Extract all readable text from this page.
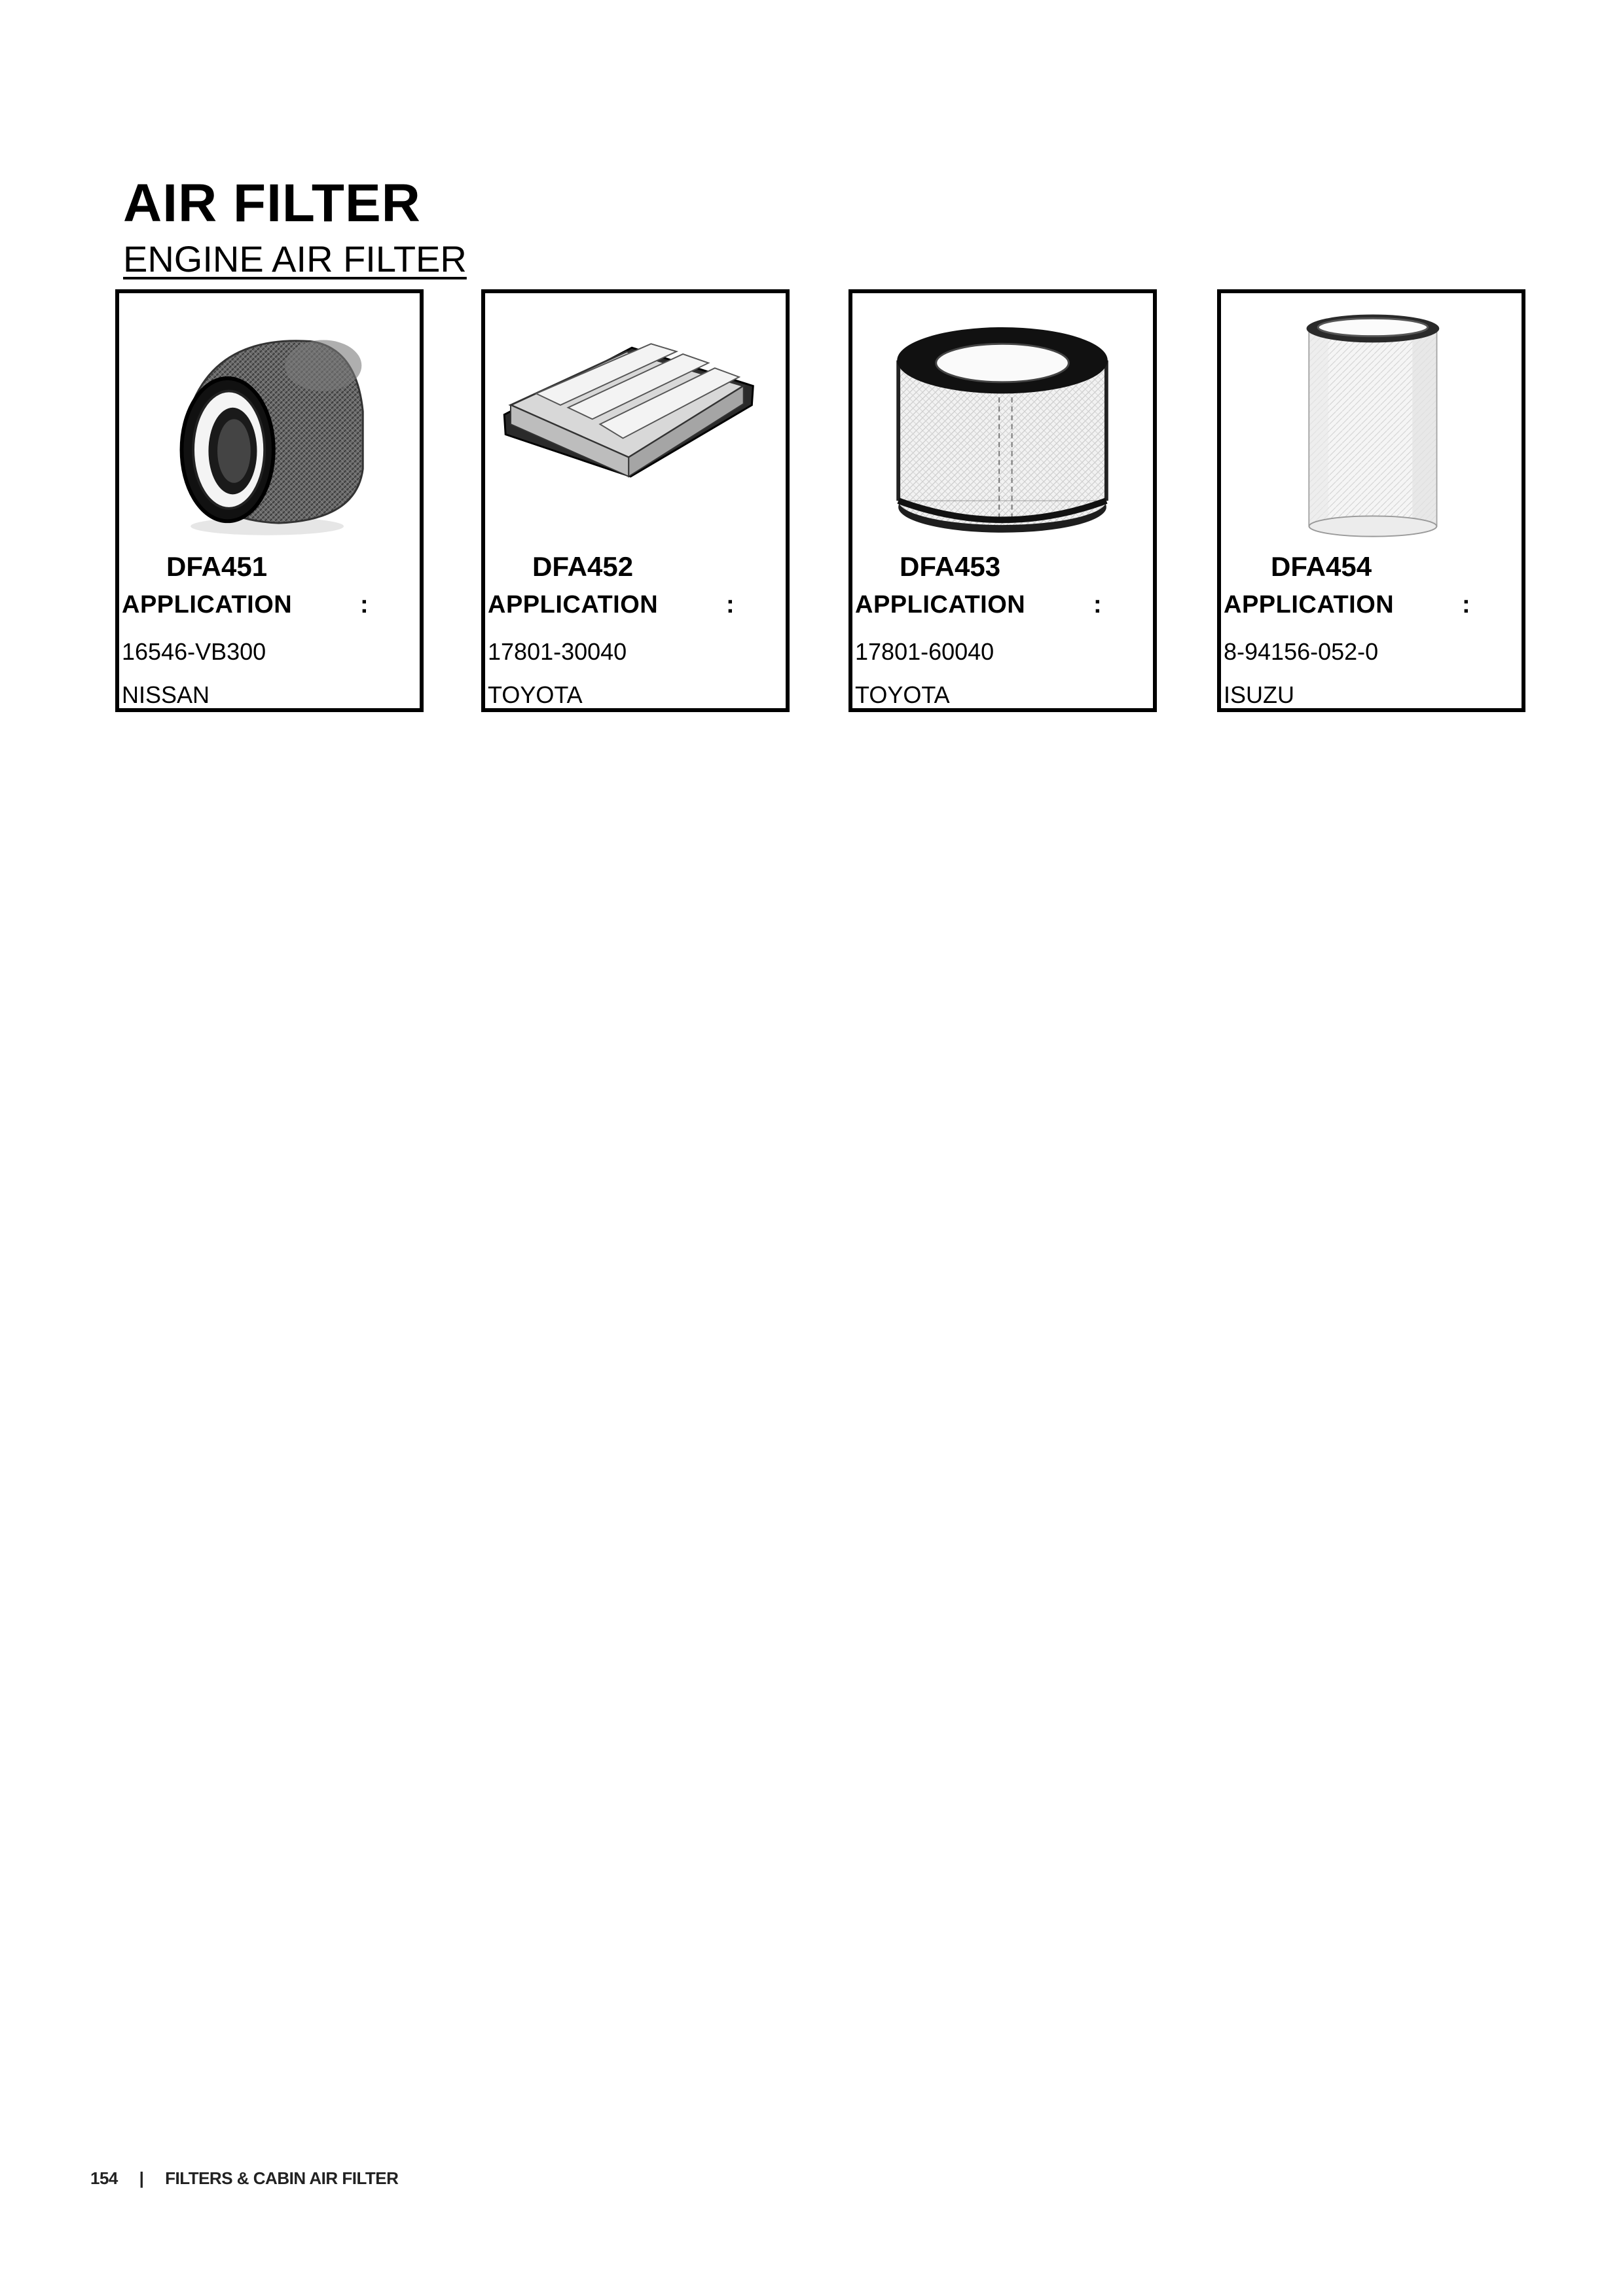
AIR FILTER
ENGINE AIR FILTER
DFA451
APPLICATION	:
16546-VB300
NISSAN
DFA452
APPLICATION	:
17801-30040
TOYOTA
DFA453
APPLICATION	:
17801-60040
TOYOTA
DFA454
APPLICATION	:
8-94156-052-0
ISUZU
154 | FILTERS & CABIN AIR FILTER
